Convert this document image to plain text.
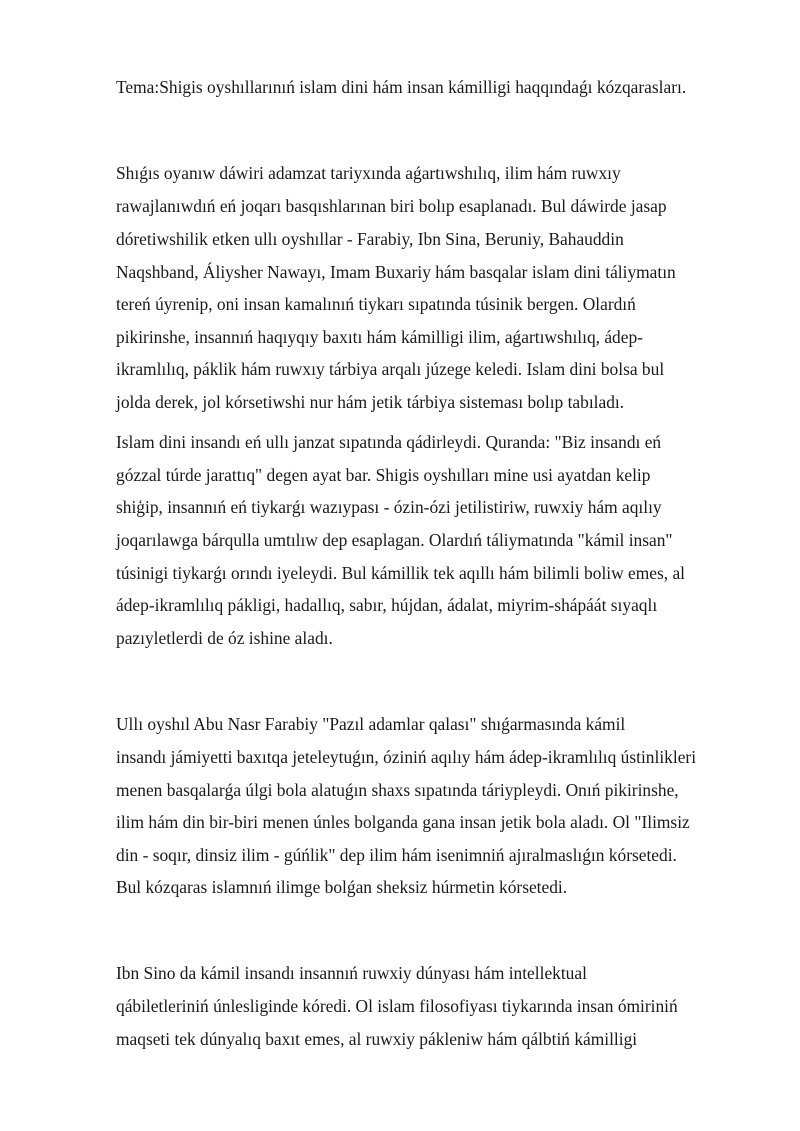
Tema:Shigis oyshıllarınıń islam dini hám insan kámilligi haqqındaǵı kózqarasları.
Shıǵıs oyanıw dáwiri adamzat tariyxında aǵartıwshılıq, ilim hám ruwxıy
rawajlanıwdıń eń joqarı basqıshlarınan biri bolıp esaplanadı. Bul dáwirde jasap
dóretiwshilik etken ullı oyshıllar - Farabiy, Ibn Sina, Beruniy, Bahauddin
Naqshband, Áliysher Nawayı, Imam Buxariy hám basqalar islam dini táliymatın
tereń úyrenip, oni insan kamalınıń tiykarı sıpatında túsinik bergen. Olardıń
pikirinshe, insannıń haqıyqıy baxıtı hám kámilligi ilim, aǵartıwshılıq, ádep-
ikramlılıq, páklik hám ruwxıy tárbiya arqalı júzege keledi. Islam dini bolsa bul
jolda derek, jol kórsetiwshi nur hám jetik tárbiya sisteması bolıp tabıladı.
Islam dini insandı eń ullı janzat sıpatında qádirleydi. Quranda: "Biz insandı eń
gózzal túrde jarattıq" degen ayat bar. Shigis oyshılları mine usi ayatdan kelip
shiģip, insannıń eń tiykarǵı wazıypası - ózin-ózi jetilistiriw, ruwxiy hám aqılıy
joqarılawga bárqulla umtılıw dep esaplagan. Olardıń táliymatında "kámil insan"
túsinigi tiykarǵı orındı iyeleydi. Bul kámillik tek aqıllı hám bilimli boliw emes, al
ádep-ikramlılıq pákligi, hadallıq, sabır, hújdan, ádalat, miyrim-shápáát sıyaqlı
pazıyletlerdi de óz ishine aladı.
Ullı oyshıl Abu Nasr Farabiy "Pazıl adamlar qalası" shıǵarmasında kámil
insandı jámiyetti baxıtqa jeteleytuǵın, óziniń aqılıy hám ádep-ikramlılıq ústinlikleri
menen basqalarǵa úlgi bola alatuǵın shaxs sıpatında táriypleydi. Onıń pikirinshe,
ilim hám din bir-biri menen únles bolganda gana insan jetik bola aladı. Ol "Ilimsiz
din - soqır, dinsiz ilim - gúńlik" dep ilim hám isenimniń ajıralmaslıǵın kórsetedi.
Bul kózqaras islamnıń ilimge bolǵan sheksiz húrmetin kórsetedi.
Ibn Sino da kámil insandı insannıń ruwxiy dúnyası hám intellektual
qábiletleriniń únlesliginde kóredi. Ol islam filosofiyası tiykarında insan ómiriniń
maqseti tek dúnyalıq baxıt emes, al ruwxiy pákleniw hám qálbtiń kámilligi
